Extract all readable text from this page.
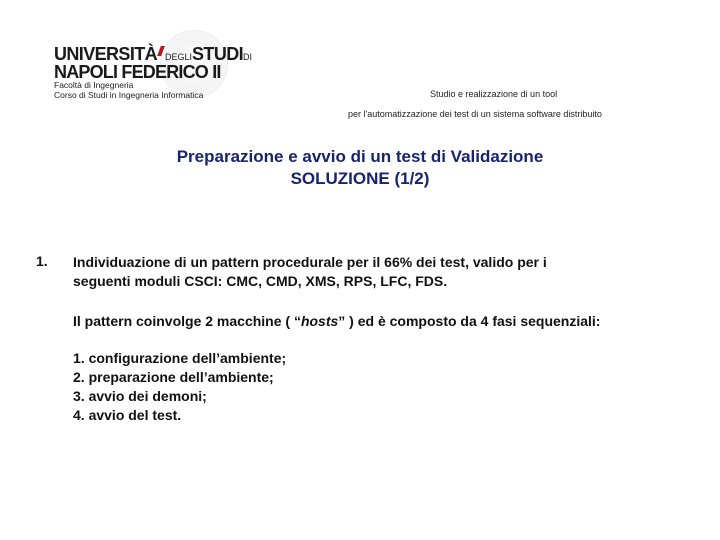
UNIVERSITÀ DEGLISTUDIDI
NAPOLI FEDERICO II
Facoltà di Ingegneria
Corso di Studi in Ingegneria Informatica	Studio e realizzazione di un tool
per l'automatizzazione dei test di un sistema software distribuito
Preparazione e avvio di un test di Validazione
SOLUZIONE (1/2)
1. Individuazione di un pattern procedurale per il 66% dei test, valido per i
seguenti moduli CSCI: CMC, CMD, XMS, RPS, LFC, FDS.
Il pattern coinvolge 2 macchine ( “hosts” ) ed è composto da 4 fasi sequenziali:
1. configurazione dell’ambiente;
2. preparazione dell’ambiente;
3. avvio dei demoni;
4. avvio del test.
